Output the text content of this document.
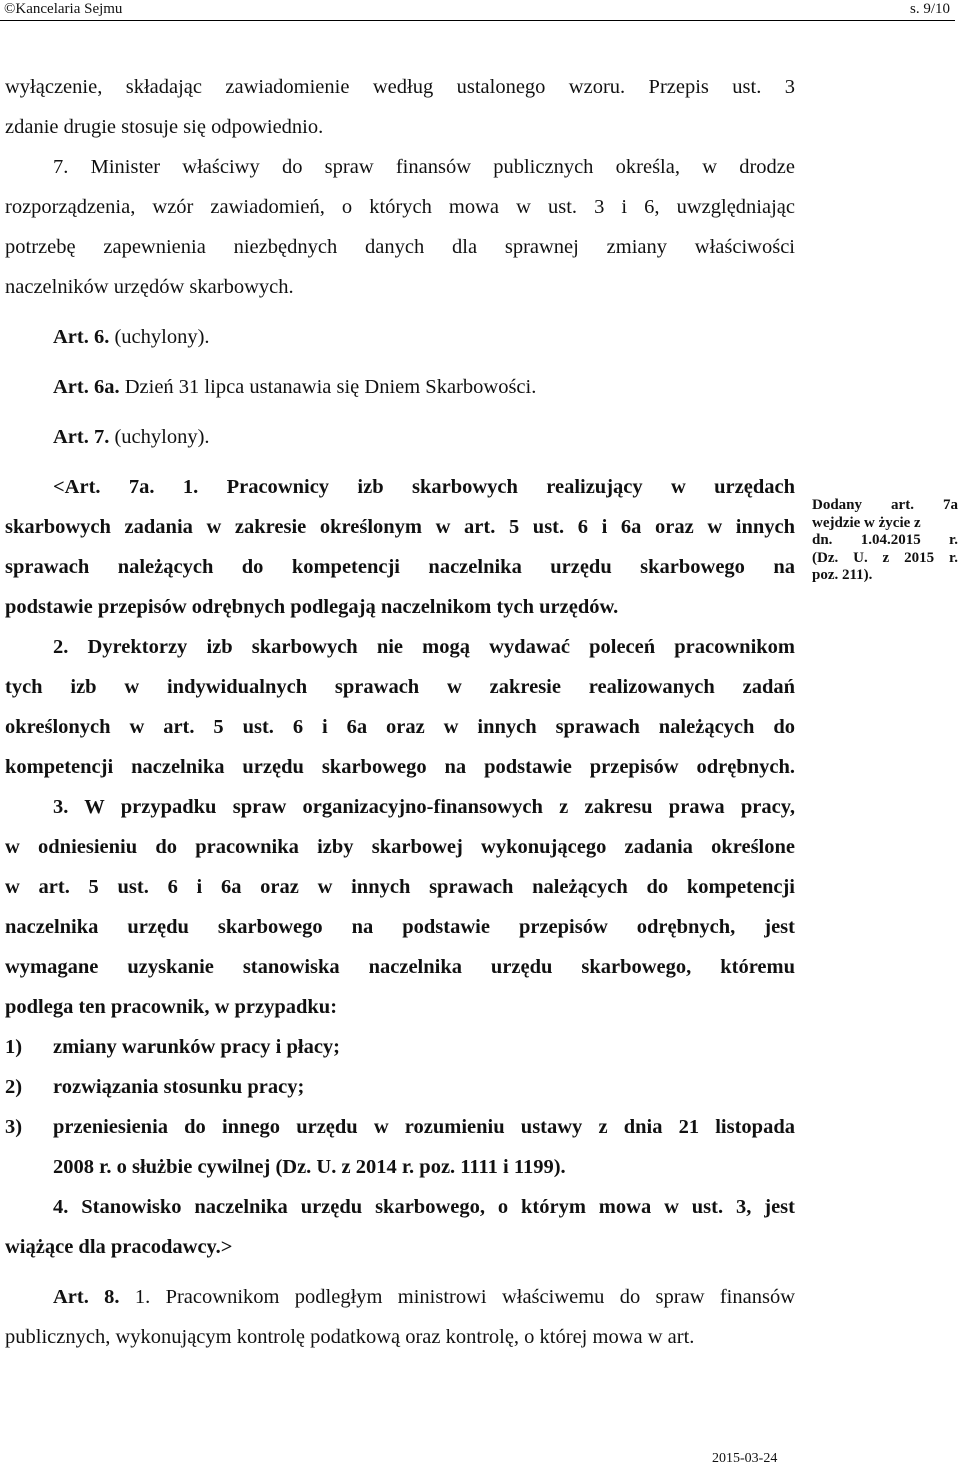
©Kancelaria Sejmu	s. 9/10
wyłączenie, składając zawiadomienie według ustalonego wzoru. Przepis ust. 3
zdanie drugie stosuje się odpowiednio.
7. Minister właściwy do spraw finansów publicznych określa, w drodze
rozporządzenia, wzór zawiadomień, o których mowa w ust. 3 i 6, uwzględniając
potrzebę zapewnienia niezbędnych danych dla sprawnej zmiany właściwości
naczelników urzędów skarbowych.
Art. 6. (uchylony).
Art. 6a. Dzień 31 lipca ustanawia się Dniem Skarbowości.
Art. 7. (uchylony).
<Art. 7a. 1. Pracownicy izb skarbowych realizujący w urzędach
skarbowych zadania w zakresie określonym w art. 5 ust. 6 i 6a oraz w innych
sprawach należących do kompetencji naczelnika urzędu skarbowego na
podstawie przepisów odrębnych podlegają naczelnikom tych urzędów.
2. Dyrektorzy izb skarbowych nie mogą wydawać poleceń pracownikom
tych izb w indywidualnych sprawach w zakresie realizowanych zadań
określonych w art. 5 ust. 6 i 6a oraz w innych sprawach należących do
kompetencji naczelnika urzędu skarbowego na podstawie przepisów odrębnych.
3. W przypadku spraw organizacyjno-finansowych z zakresu prawa pracy,
w odniesieniu do pracownika izby skarbowej wykonującego zadania określone
w art. 5 ust. 6 i 6a oraz w innych sprawach należących do kompetencji
naczelnika urzędu skarbowego na podstawie przepisów odrębnych, jest
wymagane uzyskanie stanowiska naczelnika urzędu skarbowego, któremu
podlega ten pracownik, w przypadku:
1) zmiany warunków pracy i płacy;
2) rozwiązania stosunku pracy;
3) przeniesienia do innego urzędu w rozumieniu ustawy z dnia 21 listopada
2008 r. o służbie cywilnej (Dz. U. z 2014 r. poz. 1111 i 1199).
4. Stanowisko naczelnika urzędu skarbowego, o którym mowa w ust. 3, jest
wiążące dla pracodawcy.>
Art. 8. 1. Pracownikom podległym ministrowi właściwemu do spraw finansów
publicznych, wykonującym kontrolę podatkową oraz kontrolę, o której mowa w art.
Dodany art. 7a
wejdzie w życie z
dn. 1.04.2015 r.
(Dz. U. z 2015 r.
poz. 211).
2015-03-24
